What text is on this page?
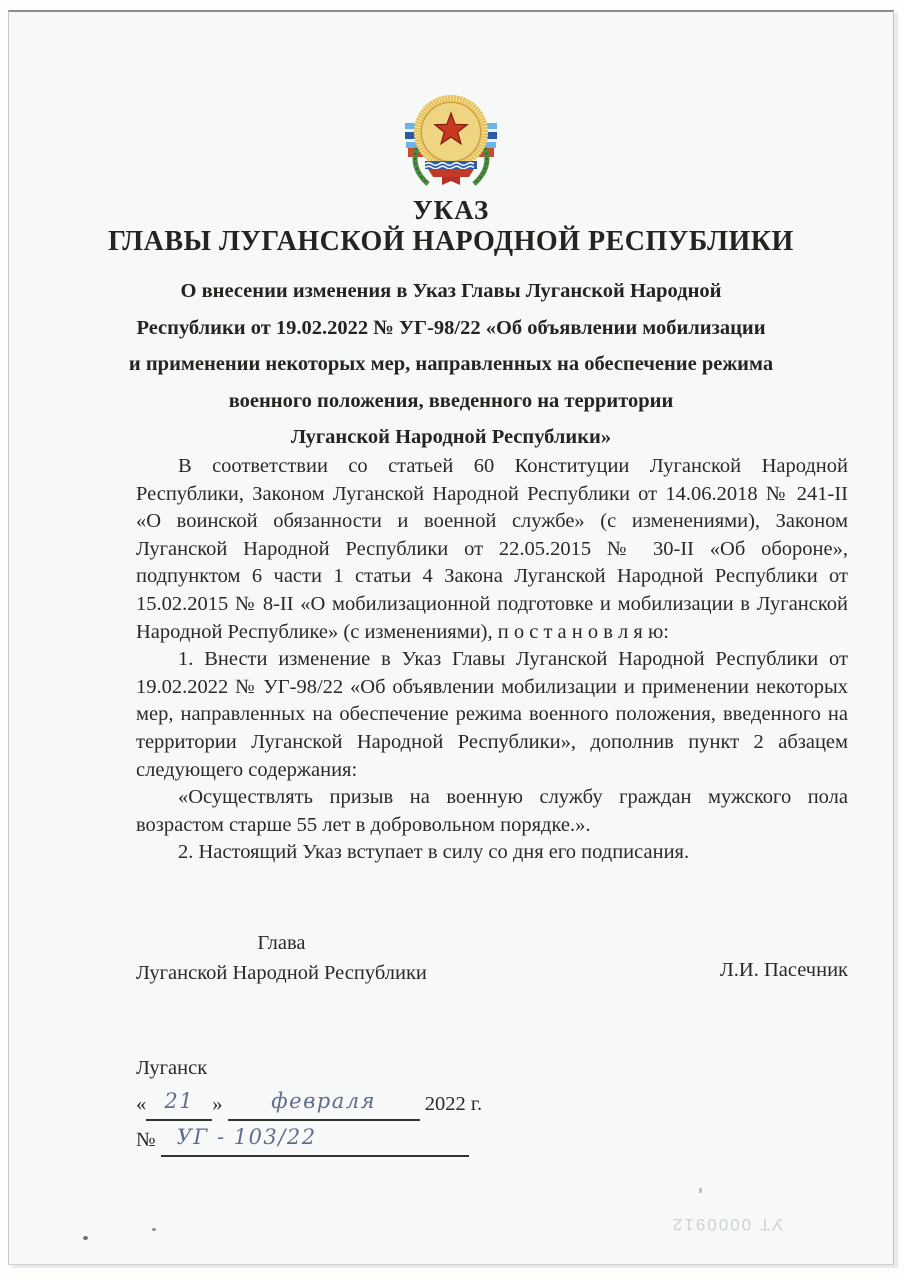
УКАЗ
ГЛАВЫ ЛУГАНСКОЙ НАРОДНОЙ РЕСПУБЛИКИ
О внесении изменения в Указ Главы Луганской Народной
Республики от 19.02.2022 № УГ-98/22 «Об объявлении мобилизации
и применении некоторых мер, направленных на обеспечение режима
военного положения, введенного на территории
Луганской Народной Республики»

В соответствии со статьей 60 Конституции Луганской Народной Республики, Законом Луганской Народной Республики от 14.06.2018 № 241-II «О воинской обязанности и военной службе» (с изменениями), Законом Луганской Народной Республики от 22.05.2015 № 30-II «Об обороне», подпунктом 6 части 1 статьи 4 Закона Луганской Народной Республики от 15.02.2015 № 8-II «О мобилизационной подготовке и мобилизации в Луганской Народной Республике» (с изменениями), п о с т а н о в л я ю:

1. Внести изменение в Указ Главы Луганской Народной Республики от 19.02.2022 № УГ-98/22 «Об объявлении мобилизации и применении некоторых мер, направленных на обеспечение режима военного положения, введенного на территории Луганской Народной Республики», дополнив пункт 2 абзацем следующего содержания:

«Осуществлять призыв на военную службу граждан мужского пола возрастом старше 55 лет в добровольном порядке.».

2. Настоящий Указ вступает в силу со дня его подписания.

Глава
Луганской Народной Республики	Л.И. Пасечник
Луганск
« 21 » февраля 2022 г.
№ УГ - 103/22
УТ 0000912
